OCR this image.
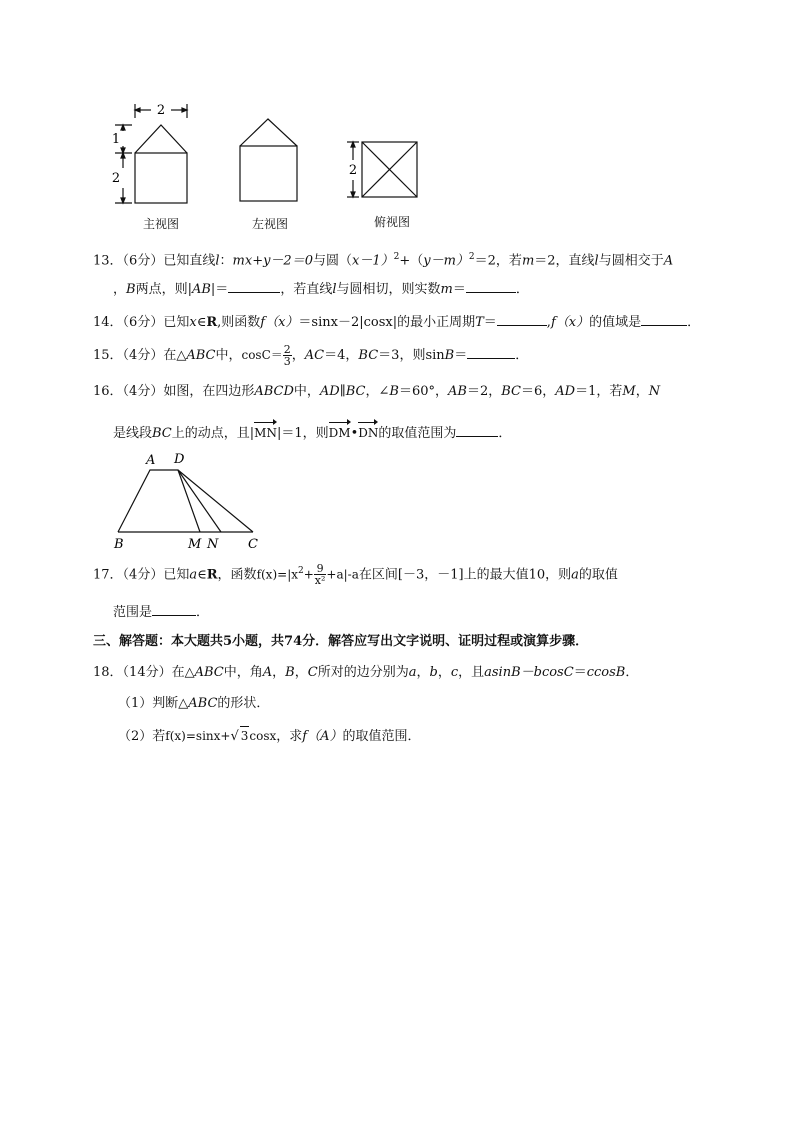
2
1
2
2
主视图	左视图	俯视图
13．（6分）已知直线l：mx+y－2＝0与圆$(x-1)^2+(y-m)^2=2$，若m＝2，直线l与圆相交于A
，B两点，则|AB|＝	，若直线l与圆相切，则实数m＝	．
14．（6分）已知x∈R,则函数f（x）＝sinx－2|cosx|的最小正周期T＝	,f（x）的值域是	．
15．（4分）在△ABC中，$\cos C= \frac{2}{3}$ ，AC＝4，BC＝3，则sinB＝	．
16．（4分）如图，在四边形ABCD中，AD∥BC，∠B＝60°，AB＝2，BC＝6，AD＝1，若M，N
是线段BC上的动点，且|MN|＝1，则DM•DN的取值范围为	．
A D
B	M N C
17．（4分）已知a∈R，函数$f(x)=|x^2+ \frac{9}{\text{x²}} +a|-a$在区间[－3，－1]上的最大值10，则a的取值
范围是	．
三、解答题：本大题共5小题，共74分．解答应写出文字说明、证明过程或演算步骤．
18．（14分）在△ABC中，角A，B，C所对的边分别为a，b，c，且asinB－bcosC＝ccosB．
（1）判断△ABC的形状．
（2）若f(x)=sinx+√ 3cosx，求f（A）的取值范围．
